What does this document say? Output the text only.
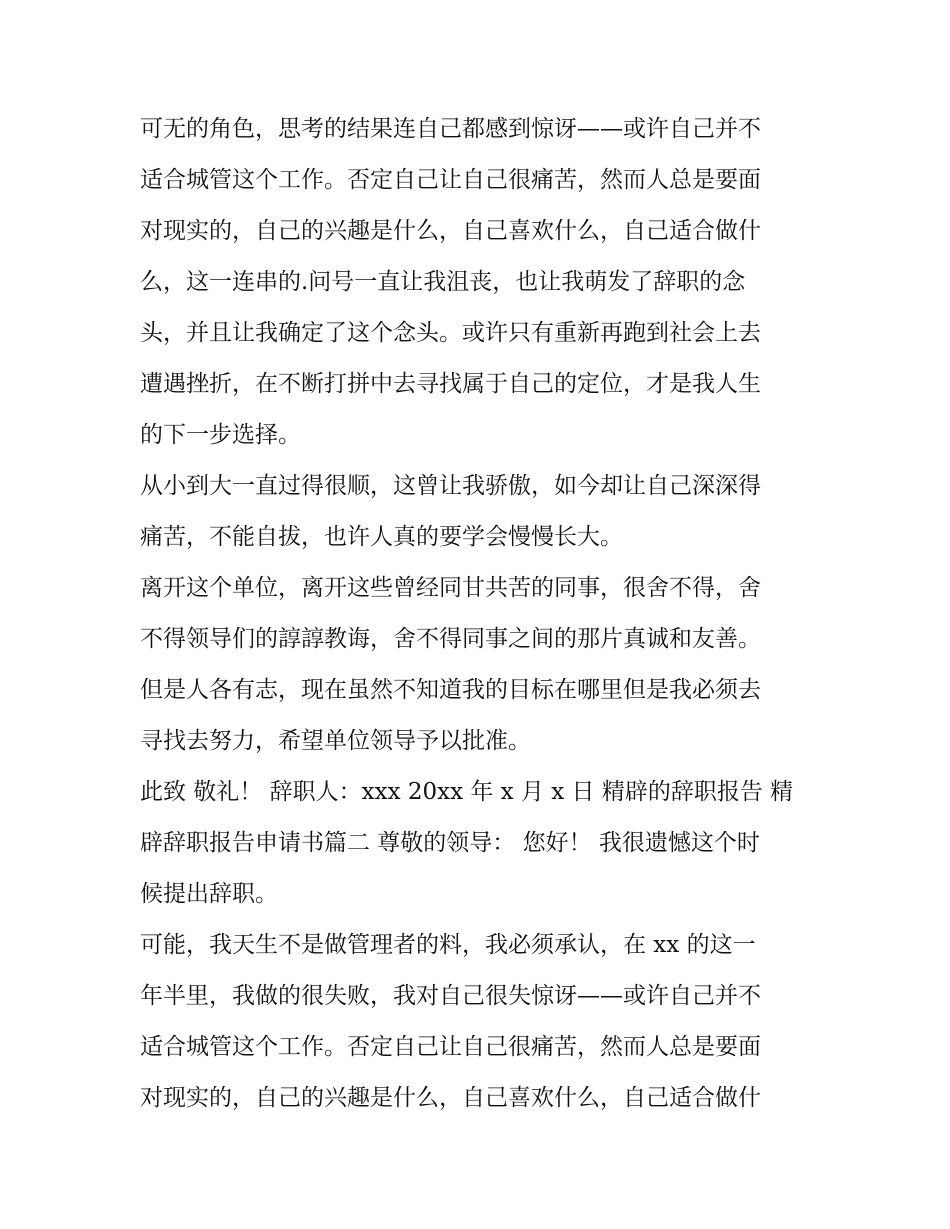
可无的角色，思考的结果连自己都感到惊讶——或许自己并不
适合城管这个工作。否定自己让自己很痛苦，然而人总是要面
对现实的，自己的兴趣是什么，自己喜欢什么，自己适合做什
么，这一连串的.问号一直让我沮丧，也让我萌发了辞职的念
头，并且让我确定了这个念头。或许只有重新再跑到社会上去
遭遇挫折，在不断打拼中去寻找属于自己的定位，才是我人生
的下一步选择。
从小到大一直过得很顺，这曾让我骄傲，如今却让自己深深得
痛苦，不能自拔，也许人真的要学会慢慢长大。
离开这个单位，离开这些曾经同甘共苦的同事，很舍不得，舍
不得领导们的諄諄教诲，舍不得同事之间的那片真诚和友善。
但是人各有志，现在虽然不知道我的目标在哪里但是我必须去
寻找去努力，希望单位领导予以批准。
此致 敬礼！ 辞职人：xxx 20xx 年 x 月 x 日 精辟的辞职报告 精
辟辞职报告申请书篇二 尊敬的领导： 您好！ 我很遗憾这个时
候提出辞职。
可能，我天生不是做管理者的料，我必须承认，在 xx 的这一
年半里，我做的很失败，我对自己很失惊讶——或许自己并不
适合城管这个工作。否定自己让自己很痛苦，然而人总是要面
对现实的，自己的兴趣是什么，自己喜欢什么，自己适合做什
